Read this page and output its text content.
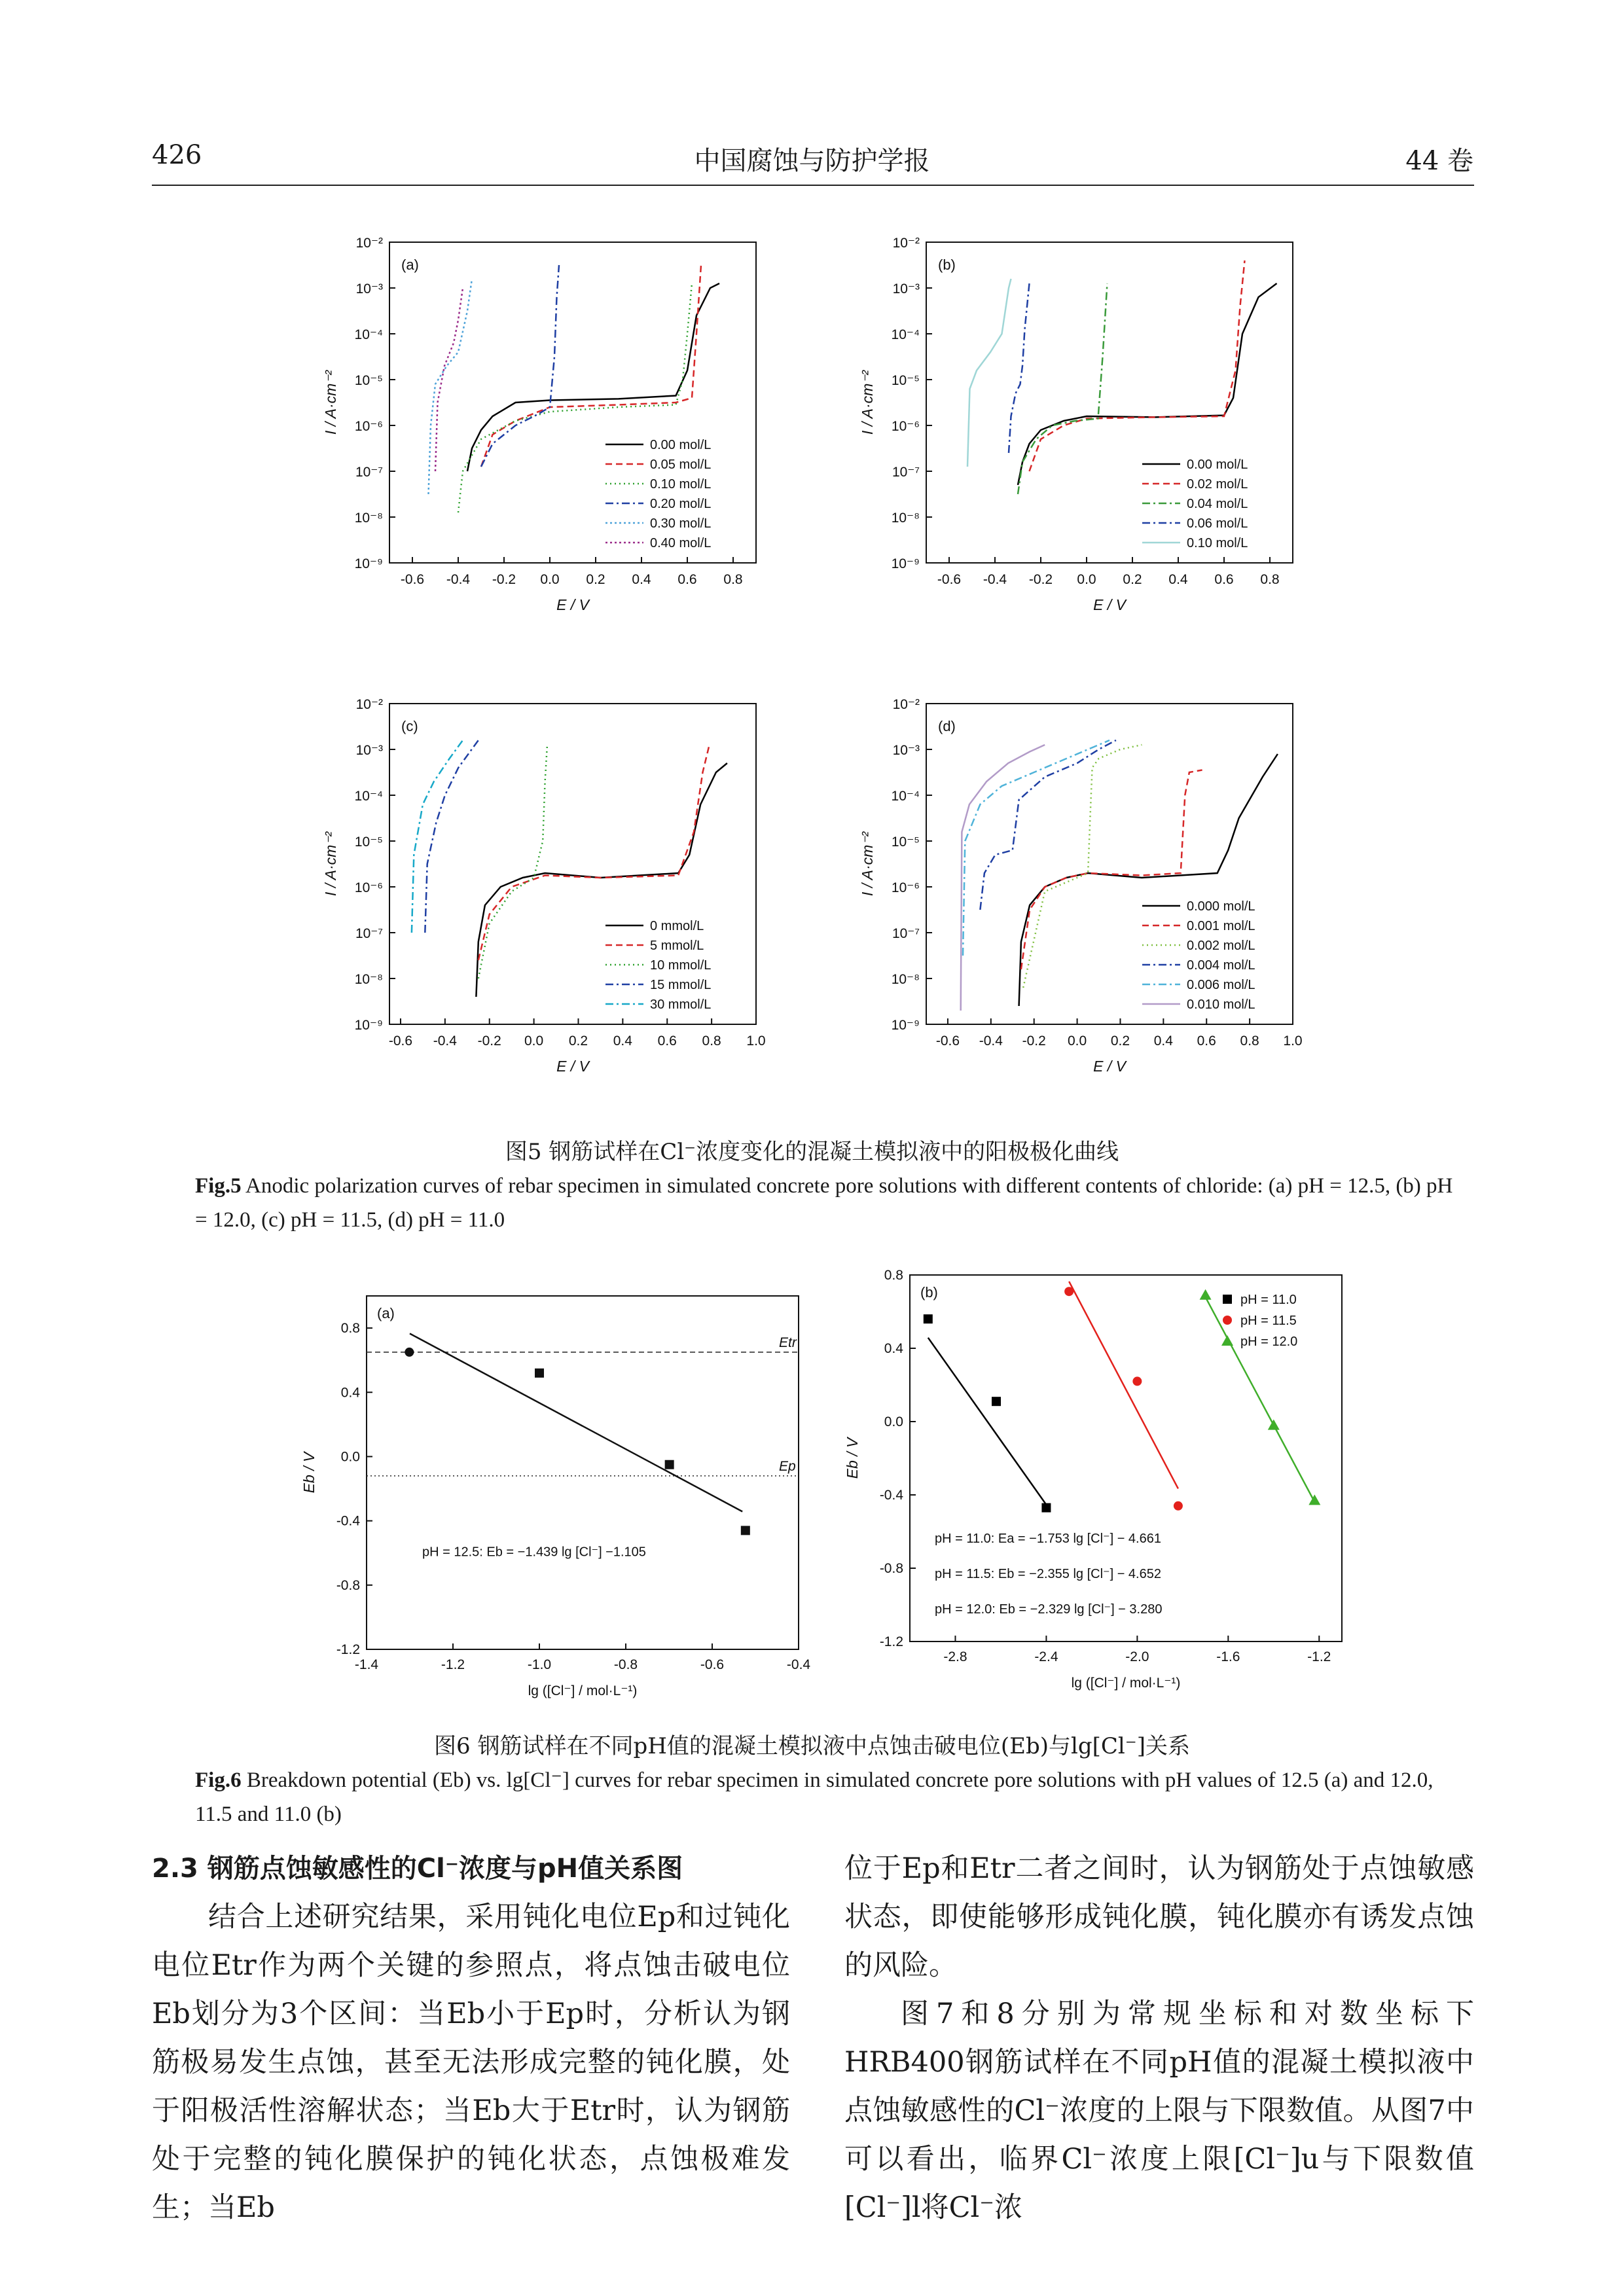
426	中国腐蚀与防护学报	44 卷
10⁻²
10⁻³
10⁻⁴
10⁻⁵
10⁻⁶
10⁻⁷
10⁻⁸
10⁻⁹
-0.6 -0.4 -0.2 0.0 0.2 0.4 0.6 0.8
E / V
I / A·cm⁻²
(a)
0.00 mol/L
0.05 mol/L
0.10 mol/L
0.20 mol/L
0.30 mol/L
0.40 mol/L
10⁻²
10⁻³
10⁻⁴
10⁻⁵
10⁻⁶
10⁻⁷
10⁻⁸
10⁻⁹
-0.6 -0.4 -0.2 0.0 0.2 0.4 0.6 0.8
E / V
I / A·cm⁻²
(b)
0.00 mol/L
0.02 mol/L
0.04 mol/L
0.06 mol/L
0.10 mol/L
10⁻²
10⁻³
10⁻⁴
10⁻⁵
10⁻⁶
10⁻⁷
10⁻⁸
10⁻⁹
-0.6 -0.4 -0.2 0.0 0.2 0.4 0.6 0.8 1.0
E / V
I / A·cm⁻²
(c)
0 mmol/L
5 mmol/L
10 mmol/L
15 mmol/L
30 mmol/L
10⁻²
10⁻³
10⁻⁴
10⁻⁵
10⁻⁶
10⁻⁷
10⁻⁸
10⁻⁹
-0.6 -0.4 -0.2 0.0 0.2 0.4 0.6 0.8 1.0
E / V
I / A·cm⁻²
(d)
0.000 mol/L
0.001 mol/L
0.002 mol/L
0.004 mol/L
0.006 mol/L
0.010 mol/L
图5 钢筋试样在Cl⁻浓度变化的混凝土模拟液中的阳极极化曲线
Fig.5 Anodic polarization curves of rebar specimen in simulated concrete pore solutions with different contents of chloride: (a) pH = 12.5, (b) pH = 12.0, (c) pH = 11.5, (d) pH = 11.0
-1.2
-0.8
-0.4
0.0
0.4
0.8
-1.4	-1.2	-1.0	-0.8	-0.6	-0.4
lg ([Cl⁻] / mol·L⁻¹)
Eb / V
(a)
Etr
Ep
pH = 12.5: Eb = −1.439 lg [Cl⁻] −1.105
-1.2
-0.8
-0.4
0.0
0.4
0.8
-2.8	-2.4	-2.0	-1.6	-1.2
lg ([Cl⁻] / mol·L⁻¹)
Eb / V
(b)	pH = 11.0
pH = 11.5
pH = 12.0
pH = 11.0: Ea = −1.753 lg [Cl⁻] − 4.661
pH = 11.5: Eb = −2.355 lg [Cl⁻] − 4.652
pH = 12.0: Eb = −2.329 lg [Cl⁻] − 3.280
图6 钢筋试样在不同pH值的混凝土模拟液中点蚀击破电位(Eb)与lg[Cl⁻]关系
Fig.6 Breakdown potential (Eb) vs. lg[Cl⁻] curves for rebar specimen in simulated concrete pore solutions with pH values of 12.5 (a) and 12.0, 11.5 and 11.0 (b)

2.3 钢筋点蚀敏感性的Cl⁻浓度与pH值关系图

结合上述研究结果，采用钝化电位Ep和过钝化电位Etr作为两个关键的参照点，将点蚀击破电位Eb划分为3个区间：当Eb小于Ep时，分析认为钢筋极易发生点蚀，甚至无法形成完整的钝化膜，处于阳极活性溶解状态；当Eb大于Etr时，认为钢筋处于完整的钝化膜保护的钝化状态，点蚀极难发生；当Eb

位于Ep和Etr二者之间时，认为钢筋处于点蚀敏感状态，即使能够形成钝化膜，钝化膜亦有诱发点蚀的风险。

图7和8分别为常规坐标和对数坐标下HRB400钢筋试样在不同pH值的混凝土模拟液中点蚀敏感性的Cl⁻浓度的上限与下限数值。从图7中可以看出，临界Cl⁻浓度上限[Cl⁻]u与下限数值[Cl⁻]l将Cl⁻浓
